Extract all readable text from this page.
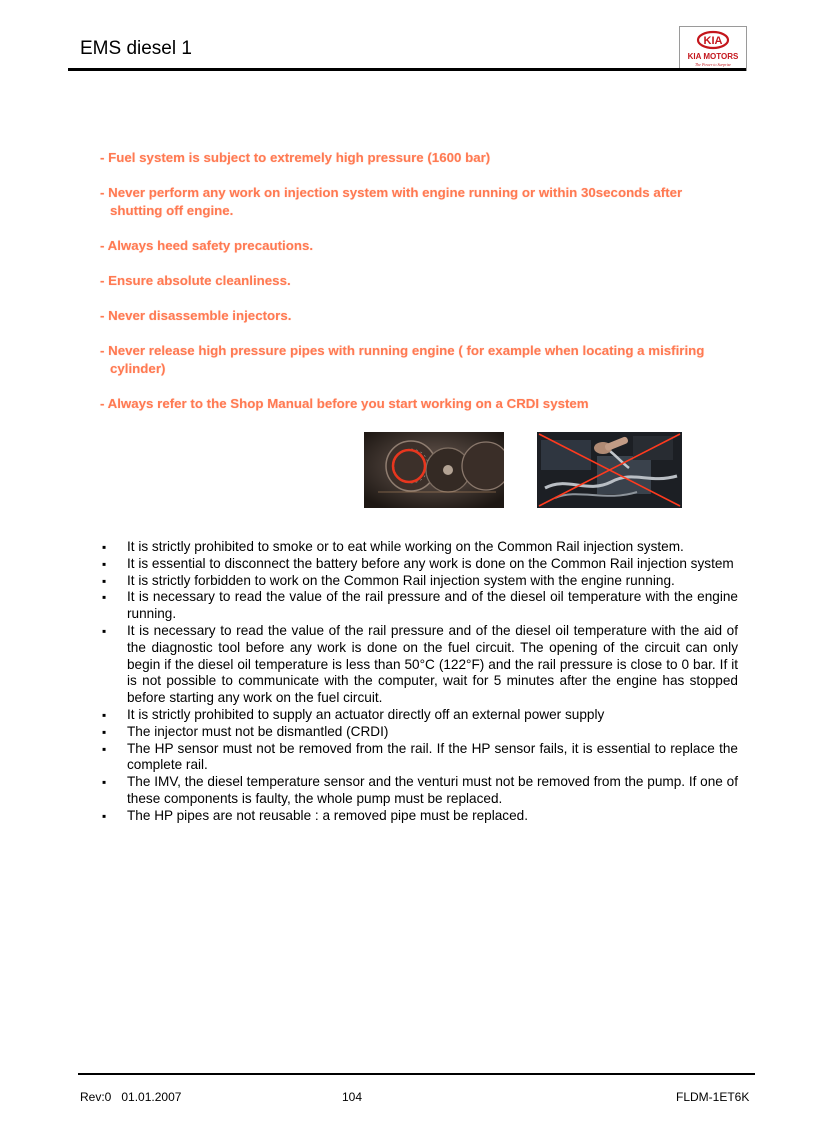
EMS diesel 1	KIA
KIA MOTORS
The Power to Surprise

- Fuel system is subject to extremely high pressure (1600 bar)

- Never perform any work on injection system with engine running or within 30seconds after shutting off engine.

- Always heed safety precautions.

- Ensure absolute cleanliness.

- Never disassemble injectors.

- Never release high pressure pipes with running engine ( for example when locating a misfiring cylinder)

- Always refer to the Shop Manual before you start working on a CRDI system

▪ It is strictly prohibited to smoke or to eat while working on the Common Rail injection system.
▪ It is essential to disconnect the battery before any work is done on the Common Rail injection system
▪ It is strictly forbidden to work on the Common Rail injection system with the engine running.
▪ It is necessary to read the value of the rail pressure and of the diesel oil temperature with the engine running.
▪ It is necessary to read the value of the rail pressure and of the diesel oil temperature with the aid of the diagnostic tool before any work is done on the fuel circuit. The opening of the circuit can only begin if the diesel oil temperature is less than 50°C (122°F) and the rail pressure is close to 0 bar. If it is not possible to communicate with the computer, wait for 5 minutes after the engine has stopped before starting any work on the fuel circuit.
▪ It is strictly prohibited to supply an actuator directly off an external power supply
▪ The injector must not be dismantled (CRDI)
▪ The HP sensor must not be removed from the rail. If the HP sensor fails, it is essential to replace the complete rail.
▪ The IMV, the diesel temperature sensor and the venturi must not be removed from the pump. If one of these components is faulty, the whole pump must be replaced.
▪ The HP pipes are not reusable : a removed pipe must be replaced.
Rev:0 01.01.2007	104	FLDM-1ET6K
